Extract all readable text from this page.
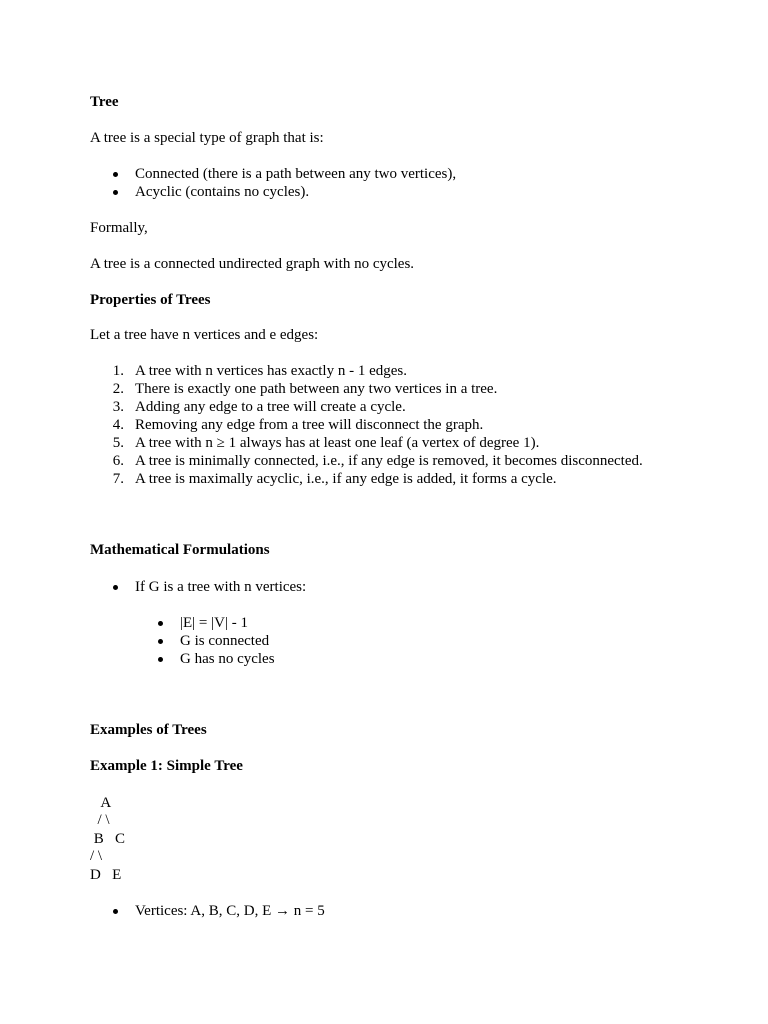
Tree
A tree is a special type of graph that is:
Connected (there is a path between any two vertices),
Acyclic (contains no cycles).
Formally,
A tree is a connected undirected graph with no cycles.
Properties of Trees
Let a tree have n vertices and e edges:
1. A tree with n vertices has exactly n - 1 edges.
2. There is exactly one path between any two vertices in a tree.
3. Adding any edge to a tree will create a cycle.
4. Removing any edge from a tree will disconnect the graph.
5. A tree with n ≥ 1 always has at least one leaf (a vertex of degree 1).
6. A tree is minimally connected, i.e., if any edge is removed, it becomes disconnected.
7. A tree is maximally acyclic, i.e., if any edge is added, it forms a cycle.
Mathematical Formulations
If G is a tree with n vertices:
|E| = |V| - 1
G is connected
G has no cycles
Examples of Trees
Example 1: Simple Tree
A
/ \
B   C
/ \
D   E
Vertices: A, B, C, D, E → n = 5
